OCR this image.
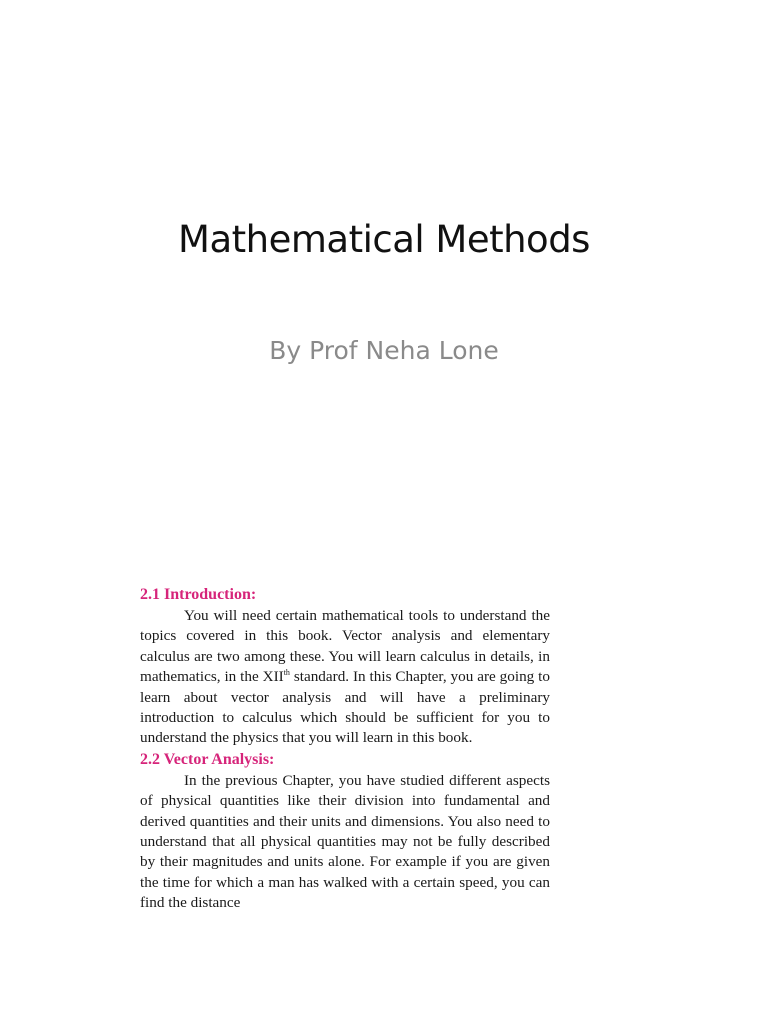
Mathematical Methods
By Prof Neha Lone
2.1 Introduction:

You will need certain mathematical tools to understand the topics covered in this book. Vector analysis and elementary calculus are two among these. You will learn calculus in details, in mathematics, in the XIIth standard. In this Chapter, you are going to learn about vector analysis and will have a preliminary introduction to calculus which should be sufficient for you to understand the physics that you will learn in this book.

2.2 Vector Analysis:

In the previous Chapter, you have studied different aspects of physical quantities like their division into fundamental and derived quantities and their units and dimensions. You also need to understand that all physical quantities may not be fully described by their magnitudes and units alone. For example if you are given the time for which a man has walked with a certain speed, you can find the distance
